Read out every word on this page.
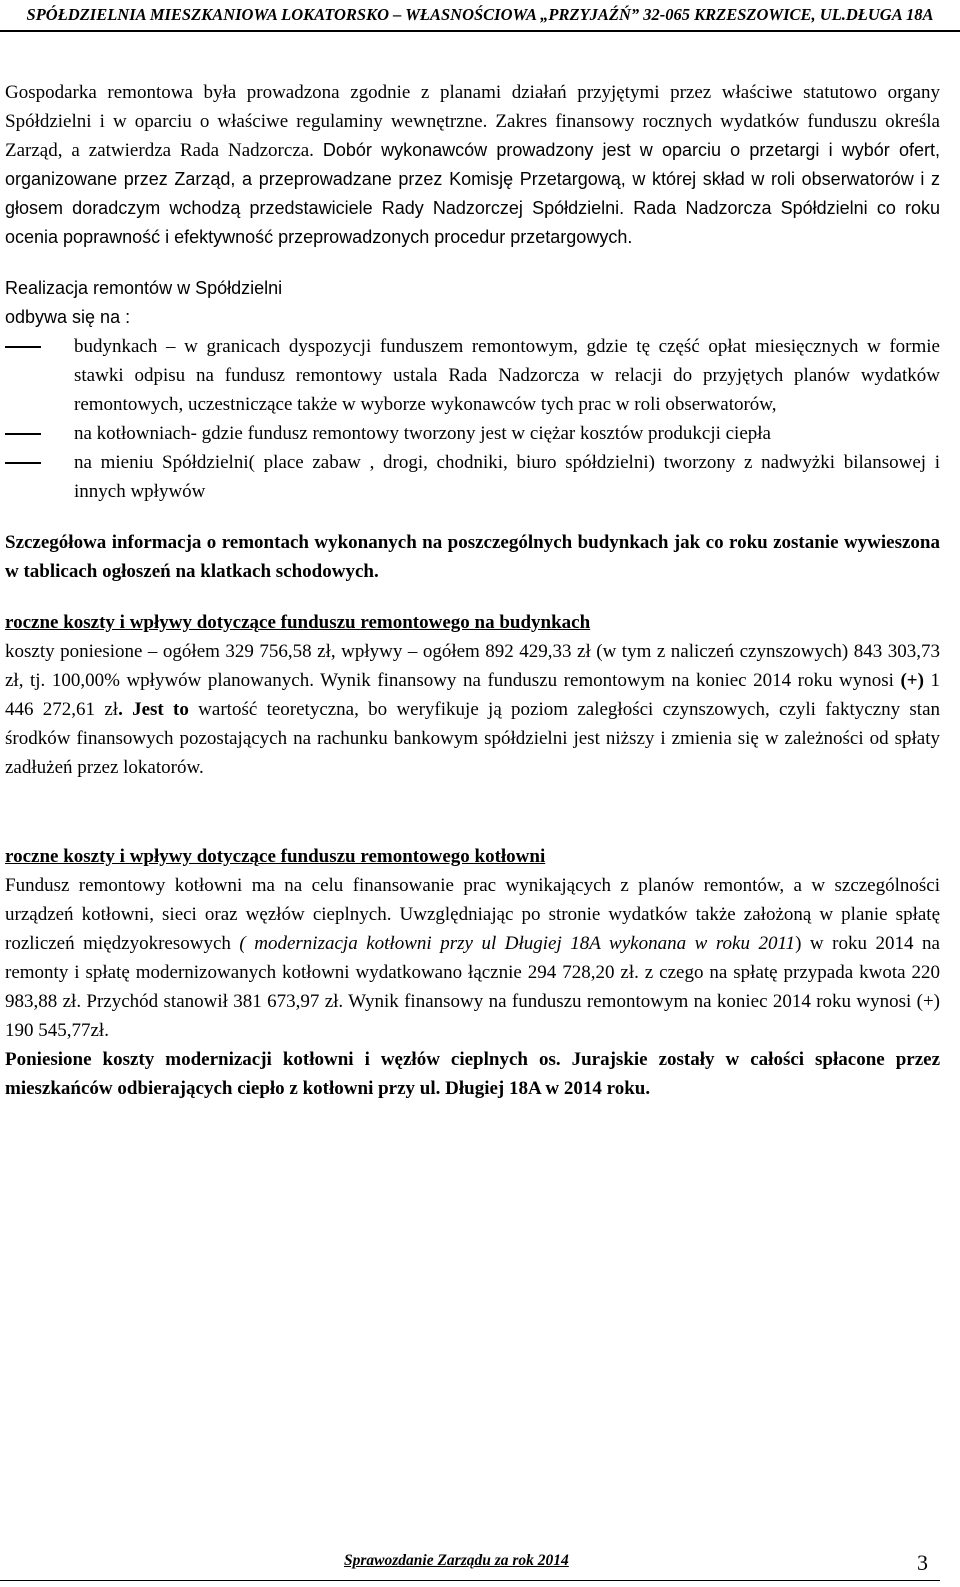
SPÓŁDZIELNIA MIESZKANIOWA LOKATORSKO – WŁASNOŚCIOWA „PRZYJAŹŃ” 32-065 KRZESZOWICE, UL.DŁUGA 18A

Gospodarka remontowa była prowadzona zgodnie z planami działań przyjętymi przez właściwe statutowo organy Spółdzielni i w oparciu o właściwe regulaminy wewnętrzne. Zakres finansowy rocznych wydatków funduszu określa Zarząd, a zatwierdza Rada Nadzorcza. Dobór wykonawców prowadzony jest w oparciu o przetargi i wybór ofert, organizowane przez Zarząd, a przeprowadzane przez Komisję Przetargową, w której skład w roli obserwatorów i z głosem doradczym wchodzą przedstawiciele Rady Nadzorczej Spółdzielni. Rada Nadzorcza Spółdzielni co roku ocenia poprawność i efektywność przeprowadzonych procedur przetargowych.

Realizacja remontów w Spółdzielni

odbywa się na :

budynkach – w granicach dyspozycji funduszem remontowym, gdzie tę część opłat miesięcznych w formie stawki odpisu na fundusz remontowy ustala Rada Nadzorcza w relacji do przyjętych planów wydatków remontowych, uczestniczące także w wyborze wykonawców tych prac w roli obserwatorów,
na kotłowniach- gdzie fundusz remontowy tworzony jest w ciężar kosztów produkcji ciepła
na mieniu Spółdzielni( place zabaw , drogi, chodniki, biuro spółdzielni) tworzony z nadwyżki bilansowej i innych wpływów

Szczegółowa informacja o remontach wykonanych na poszczególnych budynkach jak co roku zostanie wywieszona w tablicach ogłoszeń na klatkach schodowych.

roczne koszty i wpływy dotyczące funduszu remontowego na budynkach

koszty poniesione – ogółem 329 756,58 zł, wpływy – ogółem 892 429,33 zł (w tym z naliczeń czynszowych) 843 303,73 zł, tj. 100,00% wpływów planowanych. Wynik finansowy na funduszu remontowym na koniec 2014 roku wynosi (+) 1 446 272,61 zł. Jest to wartość teoretyczna, bo weryfikuje ją poziom zaległości czynszowych, czyli faktyczny stan środków finansowych pozostających na rachunku bankowym spółdzielni jest niższy i zmienia się w zależności od spłaty zadłużeń przez lokatorów.

roczne koszty i wpływy dotyczące funduszu remontowego kotłowni

Fundusz remontowy kotłowni ma na celu finansowanie prac wynikających z planów remontów, a w szczególności urządzeń kotłowni, sieci oraz węzłów cieplnych. Uwzględniając po stronie wydatków także założoną w planie spłatę rozliczeń międzyokresowych ( modernizacja kotłowni przy ul Długiej 18A wykonana w roku 2011) w roku 2014 na remonty i spłatę modernizowanych kotłowni wydatkowano łącznie 294 728,20 zł. z czego na spłatę przypada kwota 220 983,88 zł. Przychód stanowił 381 673,97 zł. Wynik finansowy na funduszu remontowym na koniec 2014 roku wynosi (+) 190 545,77zł.

Poniesione koszty modernizacji kotłowni i węzłów cieplnych os. Jurajskie zostały w całości spłacone przez mieszkańców odbierających ciepło z kotłowni przy ul. Długiej 18A w 2014 roku.

Sprawozdanie Zarządu za rok 2014	3
